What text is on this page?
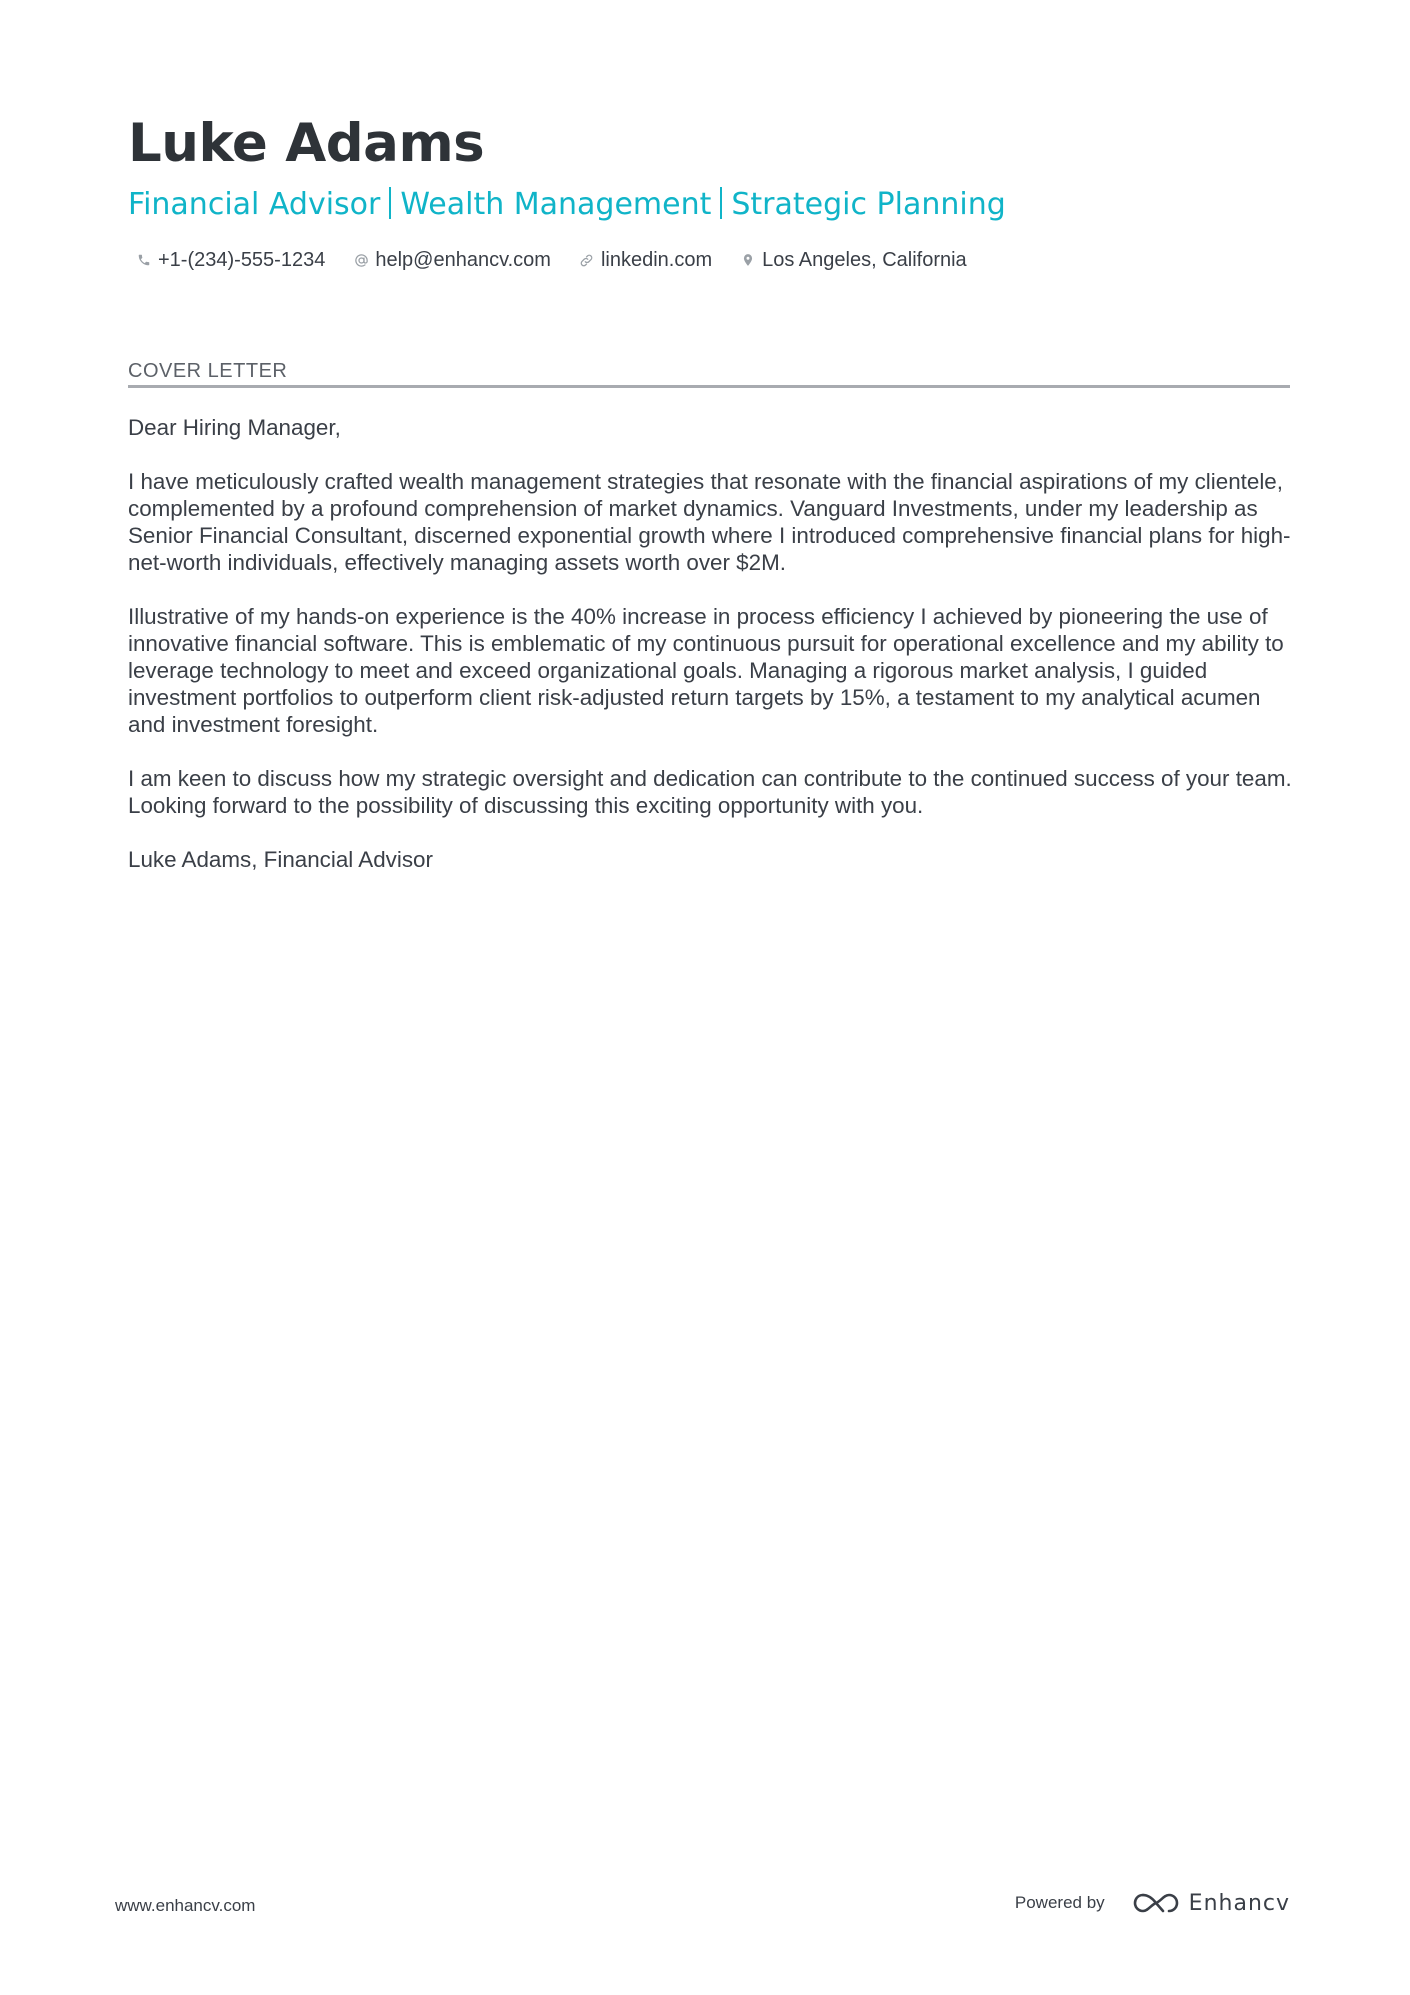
Luke Adams
Financial Advisor Wealth Management Strategic Planning
+1-(234)-555-1234	help@enhancv.com	linkedin.com	Los Angeles, California
COVER LETTER

Dear Hiring Manager,

I have meticulously crafted wealth management strategies that resonate with the financial aspirations of my clientele, complemented by a profound comprehension of market dynamics. Vanguard Investments, under my leadership as Senior Financial Consultant, discerned exponential growth where I introduced comprehensive financial plans for high-net-worth individuals, effectively managing assets worth over $2M.

Illustrative of my hands-on experience is the 40% increase in process efficiency I achieved by pioneering the use of innovative financial software. This is emblematic of my continuous pursuit for operational excellence and my ability to leverage technology to meet and exceed organizational goals. Managing a rigorous market analysis, I guided investment portfolios to outperform client risk-adjusted return targets by 15%, a testament to my analytical acumen and investment foresight.

I am keen to discuss how my strategic oversight and dedication can contribute to the continued success of your team. Looking forward to the possibility of discussing this exciting opportunity with you.

Luke Adams, Financial Advisor

www.enhancv.com	Powered by	Enhancv
